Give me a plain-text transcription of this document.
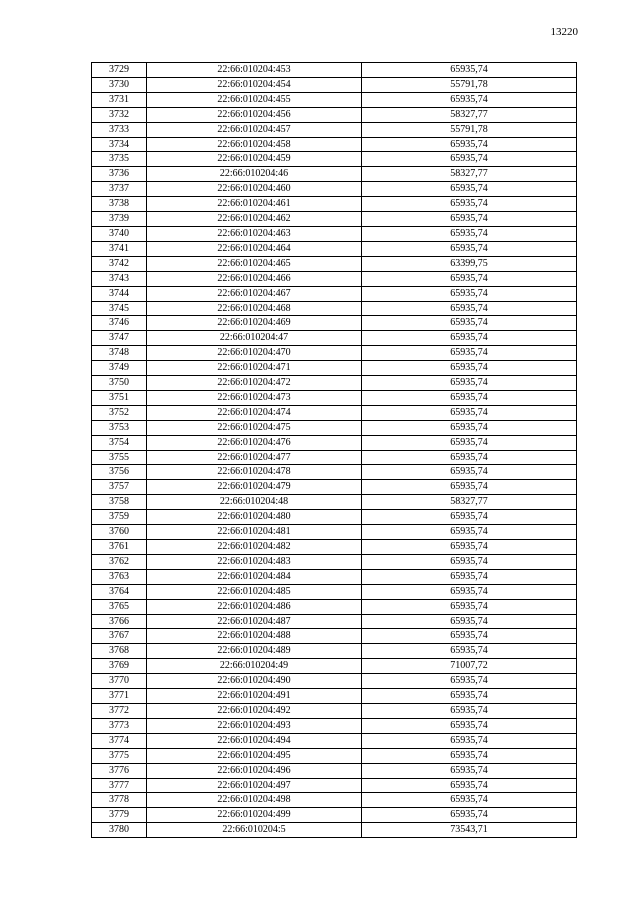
13220
3729	22:66:010204:453	65935,74
3730	22:66:010204:454	55791,78
3731	22:66:010204:455	65935,74
3732	22:66:010204:456	58327,77
3733	22:66:010204:457	55791,78
3734	22:66:010204:458	65935,74
3735	22:66:010204:459	65935,74
3736	22:66:010204:46	58327,77
3737	22:66:010204:460	65935,74
3738	22:66:010204:461	65935,74
3739	22:66:010204:462	65935,74
3740	22:66:010204:463	65935,74
3741	22:66:010204:464	65935,74
3742	22:66:010204:465	63399,75
3743	22:66:010204:466	65935,74
3744	22:66:010204:467	65935,74
3745	22:66:010204:468	65935,74
3746	22:66:010204:469	65935,74
3747	22:66:010204:47	65935,74
3748	22:66:010204:470	65935,74
3749	22:66:010204:471	65935,74
3750	22:66:010204:472	65935,74
3751	22:66:010204:473	65935,74
3752	22:66:010204:474	65935,74
3753	22:66:010204:475	65935,74
3754	22:66:010204:476	65935,74
3755	22:66:010204:477	65935,74
3756	22:66:010204:478	65935,74
3757	22:66:010204:479	65935,74
3758	22:66:010204:48	58327,77
3759	22:66:010204:480	65935,74
3760	22:66:010204:481	65935,74
3761	22:66:010204:482	65935,74
3762	22:66:010204:483	65935,74
3763	22:66:010204:484	65935,74
3764	22:66:010204:485	65935,74
3765	22:66:010204:486	65935,74
3766	22:66:010204:487	65935,74
3767	22:66:010204:488	65935,74
3768	22:66:010204:489	65935,74
3769	22:66:010204:49	71007,72
3770	22:66:010204:490	65935,74
3771	22:66:010204:491	65935,74
3772	22:66:010204:492	65935,74
3773	22:66:010204:493	65935,74
3774	22:66:010204:494	65935,74
3775	22:66:010204:495	65935,74
3776	22:66:010204:496	65935,74
3777	22:66:010204:497	65935,74
3778	22:66:010204:498	65935,74
3779	22:66:010204:499	65935,74
3780	22:66:010204:5	73543,71
